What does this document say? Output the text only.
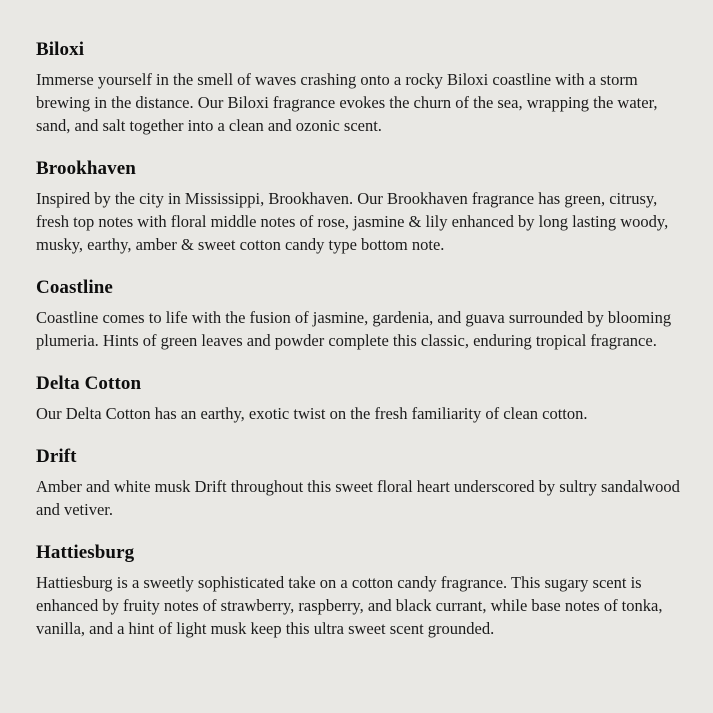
Biloxi

Immerse yourself in the smell of waves crashing onto a rocky Biloxi coastline with a storm brewing in the distance. Our Biloxi fragrance evokes the churn of the sea, wrapping the water, sand, and salt together into a clean and ozonic scent.

Brookhaven

Inspired by the city in Mississippi, Brookhaven. Our Brookhaven fragrance has green, citrusy, fresh top notes with floral middle notes of rose, jasmine & lily enhanced by long lasting woody, musky, earthy, amber & sweet cotton candy type bottom note.

Coastline

Coastline comes to life with the fusion of jasmine, gardenia, and guava surrounded by blooming plumeria. Hints of green leaves and powder complete this classic, enduring tropical fragrance.

Delta Cotton

Our Delta Cotton has an earthy, exotic twist on the fresh familiarity of clean cotton.

Drift

Amber and white musk Drift throughout this sweet floral heart underscored by sultry sandalwood and vetiver.

Hattiesburg

Hattiesburg is a sweetly sophisticated take on a cotton candy fragrance. This sugary scent is enhanced by fruity notes of strawberry, raspberry, and black currant, while base notes of tonka, vanilla, and a hint of light musk keep this ultra sweet scent grounded.
